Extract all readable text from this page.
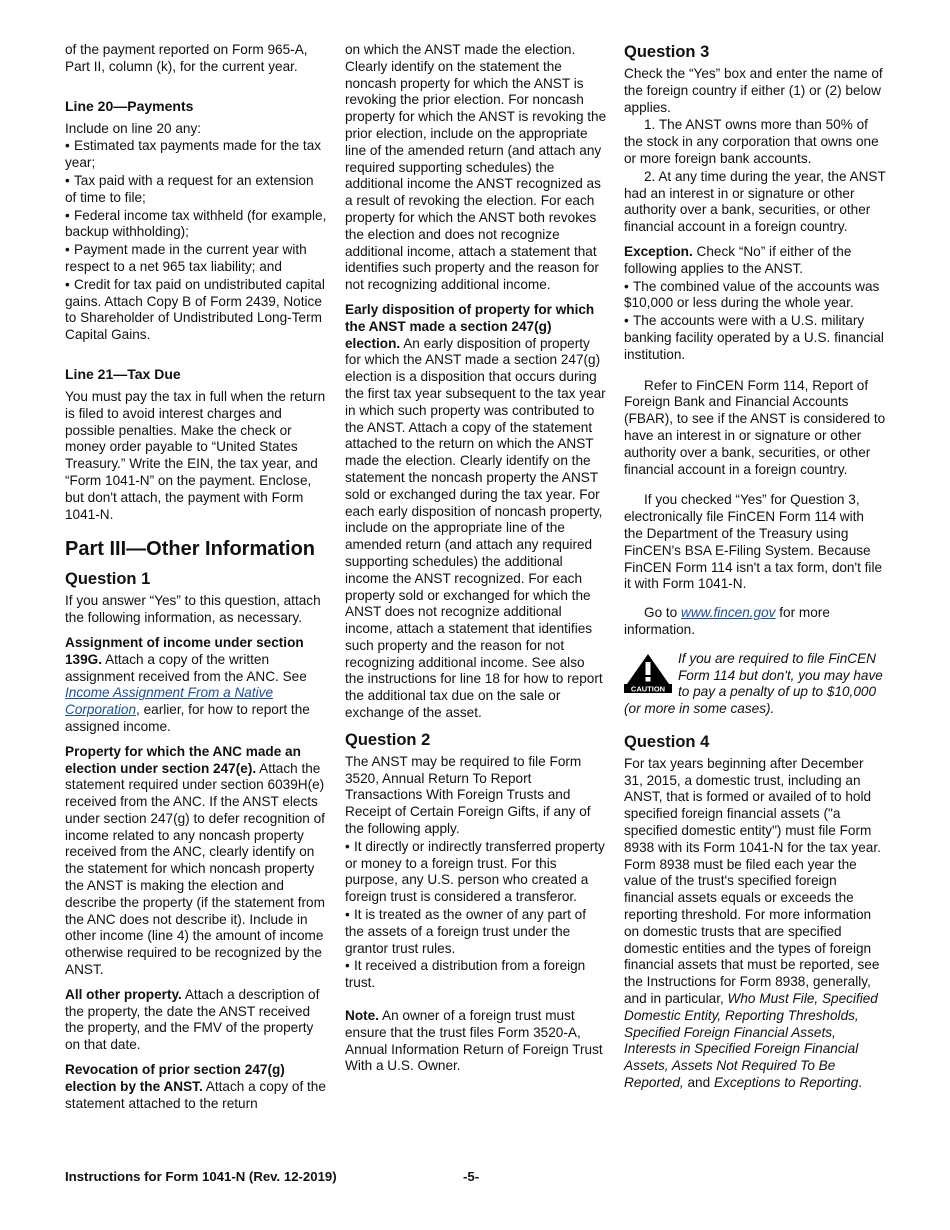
of the payment reported on Form 965-A, Part II, column (k), for the current year.

Line 20—Payments

Include on line 20 any:

• Estimated tax payments made for the tax year;

• Tax paid with a request for an extension of time to file;

• Federal income tax withheld (for example, backup withholding);

• Payment made in the current year with respect to a net 965 tax liability; and

• Credit for tax paid on undistributed capital gains. Attach Copy B of Form 2439, Notice to Shareholder of Undistributed Long-Term Capital Gains.

Line 21—Tax Due

You must pay the tax in full when the return is filed to avoid interest charges and possible penalties. Make the check or money order payable to “United States Treasury.” Write the EIN, the tax year, and “Form 1041-N” on the payment. Enclose, but don't attach, the payment with Form 1041-N.

Part III—Other Information
Question 1

If you answer “Yes” to this question, attach the following information, as necessary.

Assignment of income under section 139G. Attach a copy of the written assignment received from the ANC. See Income Assignment From a Native Corporation, earlier, for how to report the assigned income.

Property for which the ANC made an election under section 247(e). Attach the statement required under section 6039H(e) received from the ANC. If the ANST elects under section 247(g) to defer recognition of income related to any noncash property received from the ANC, clearly identify on the statement for which noncash property the ANST is making the election and describe the property (if the statement from the ANC does not describe it). Include in other income (line 4) the amount of income otherwise required to be recognized by the ANST.

All other property. Attach a description of the property, the date the ANST received the property, and the FMV of the property on that date.

Revocation of prior section 247(g) election by the ANST. Attach a copy of the statement attached to the return

on which the ANST made the election. Clearly identify on the statement the noncash property for which the ANST is revoking the prior election. For noncash property for which the ANST is revoking the prior election, include on the appropriate line of the amended return (and attach any required supporting schedules) the additional income the ANST recognized as a result of revoking the election. For each property for which the ANST both revokes the election and does not recognize additional income, attach a statement that identifies such property and the reason for not recognizing additional income.

Early disposition of property for which the ANST made a section 247(g) election. An early disposition of property for which the ANST made a section 247(g) election is a disposition that occurs during the first tax year subsequent to the tax year in which such property was contributed to the ANST. Attach a copy of the statement attached to the return on which the ANST made the election. Clearly identify on the statement the noncash property the ANST sold or exchanged during the tax year. For each early disposition of noncash property, include on the appropriate line of the amended return (and attach any required supporting schedules) the additional income the ANST recognized. For each property sold or exchanged for which the ANST does not recognize additional income, attach a statement that identifies such property and the reason for not recognizing additional income. See also the instructions for line 18 for how to report the additional tax due on the sale or exchange of the asset.

Question 2

The ANST may be required to file Form 3520, Annual Return To Report Transactions With Foreign Trusts and Receipt of Certain Foreign Gifts, if any of the following apply.

• It directly or indirectly transferred property or money to a foreign trust. For this purpose, any U.S. person who created a foreign trust is considered a transferor.

• It is treated as the owner of any part of the assets of a foreign trust under the grantor trust rules.

• It received a distribution from a foreign trust.

Note. An owner of a foreign trust must ensure that the trust files Form 3520-A, Annual Information Return of Foreign Trust With a U.S. Owner.

Question 3

Check the “Yes” box and enter the name of the foreign country if either (1) or (2) below applies.

1. The ANST owns more than 50% of the stock in any corporation that owns one or more foreign bank accounts.

2. At any time during the year, the ANST had an interest in or signature or other authority over a bank, securities, or other financial account in a foreign country.

Exception. Check “No” if either of the following applies to the ANST.

• The combined value of the accounts was $10,000 or less during the whole year.

• The accounts were with a U.S. military banking facility operated by a U.S. financial institution.

Refer to FinCEN Form 114, Report of Foreign Bank and Financial Accounts (FBAR), to see if the ANST is considered to have an interest in or signature or other authority over a bank, securities, or other financial account in a foreign country.

If you checked “Yes” for Question 3, electronically file FinCEN Form 114 with the Department of the Treasury using FinCEN's BSA E-Filing System. Because FinCEN Form 114 isn't a tax form, don't file it with Form 1041-N.

Go to www.fincen.gov for more information.

CAUTION

If you are required to file FinCEN Form 114 but don't, you may have to pay a penalty of up to $10,000 (or more in some cases).

Question 4

For tax years beginning after December 31, 2015, a domestic trust, including an ANST, that is formed or availed of to hold specified foreign financial assets ("a specified domestic entity") must file Form 8938 with its Form 1041-N for the tax year. Form 8938 must be filed each year the value of the trust's specified foreign financial assets equals or exceeds the reporting threshold. For more information on domestic trusts that are specified domestic entities and the types of foreign financial assets that must be reported, see the Instructions for Form 8938, generally, and in particular, Who Must File, Specified Domestic Entity, Reporting Thresholds, Specified Foreign Financial Assets, Interests in Specified Foreign Financial Assets, Assets Not Required To Be Reported, and Exceptions to Reporting.

Instructions for Form 1041-N (Rev. 12-2019)	-5-
